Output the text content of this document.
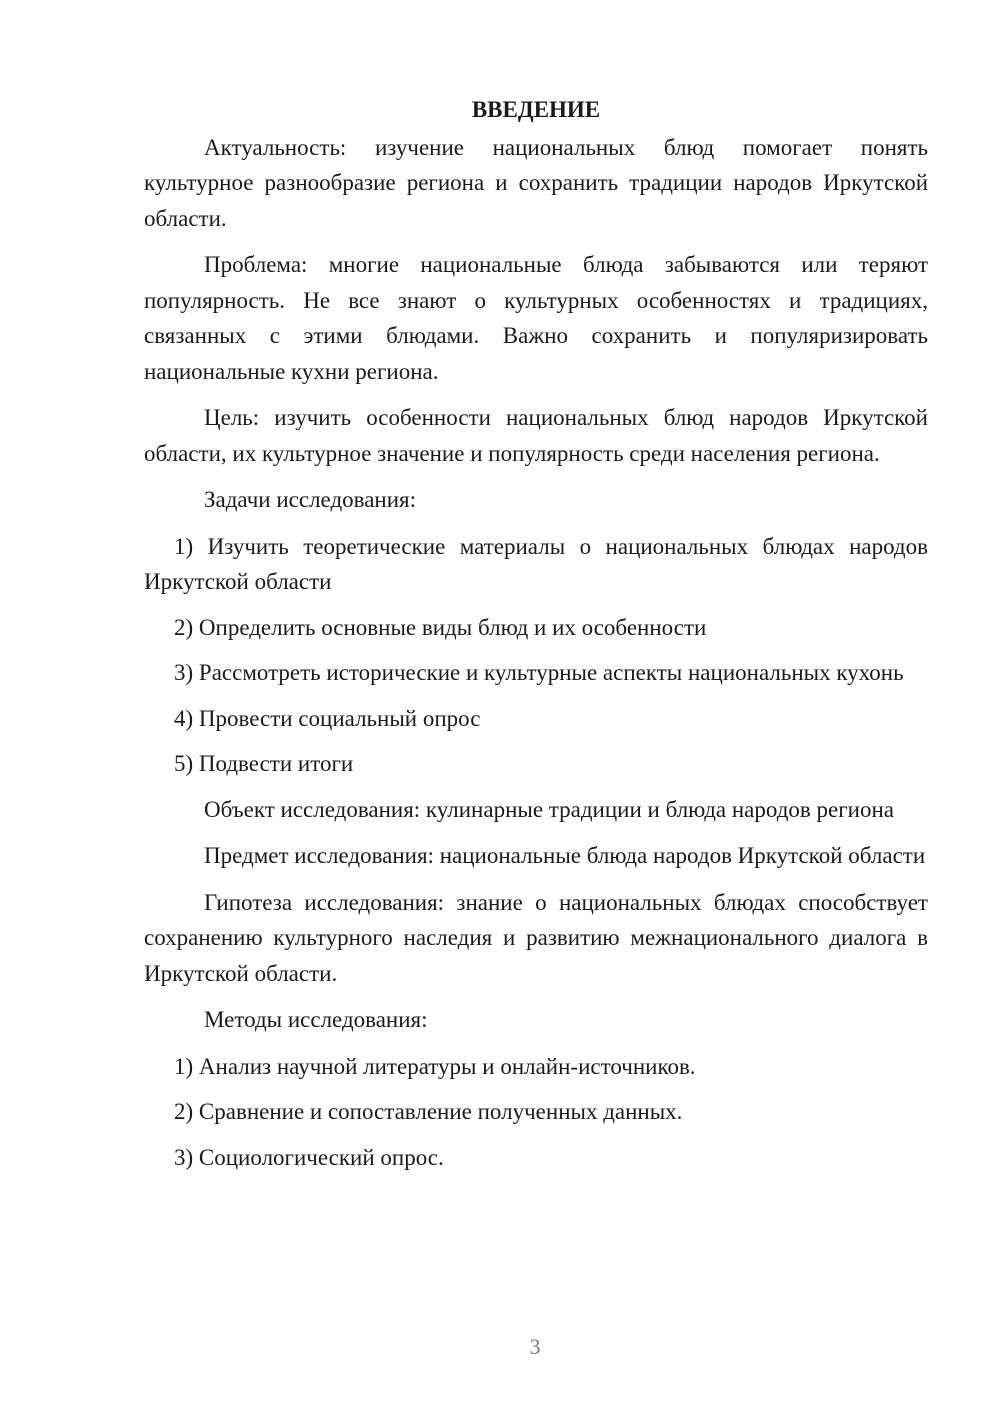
ВВЕДЕНИЕ

Актуальность: изучение национальных блюд помогает понять культурное разнообразие региона и сохранить традиции народов Иркутской области.

Проблема: многие национальные блюда забываются или теряют популярность. Не все знают о культурных особенностях и традициях, связанных с этими блюдами. Важно сохранить и популяризировать национальные кухни региона.

Цель: изучить особенности национальных блюд народов Иркутской области, их культурное значение и популярность среди населения региона.

Задачи исследования:

1) Изучить теоретические материалы о национальных блюдах народов Иркутской области

2) Определить основные виды блюд и их особенности

3) Рассмотреть исторические и культурные аспекты национальных кухонь

4) Провести социальный опрос

5) Подвести итоги

Объект исследования: кулинарные традиции и блюда народов региона

Предмет исследования: национальные блюда народов Иркутской области

Гипотеза исследования: знание о национальных блюдах способствует сохранению культурного наследия и развитию межнационального диалога в Иркутской области.

Методы исследования:

1) Анализ научной литературы и онлайн-источников.

2) Сравнение и сопоставление полученных данных.

3) Социологический опрос.

3
